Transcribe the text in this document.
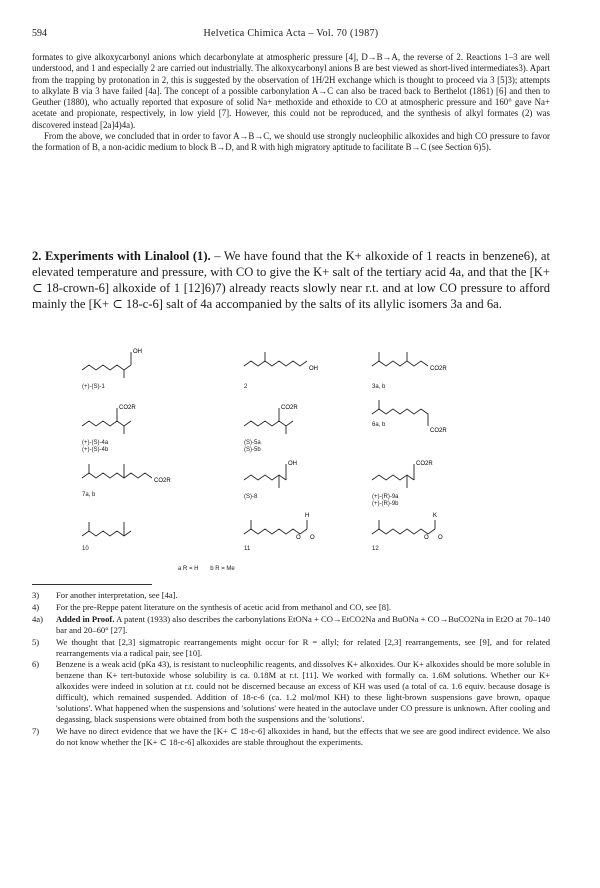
594	Helvetica Chimica Acta – Vol. 70 (1987)

formates to give alkoxycarbonyl anions which decarbonylate at atmospheric pressure [4], D→B→A, the reverse of 2. Reactions 1–3 are well understood, and 1 and especially 2 are carried out industrially. The alkoxycarbonyl anions B are best viewed as short-lived intermediates3). Apart from the trapping by protonation in 2, this is suggested by the observation of 1H/2H exchange which is thought to proceed via 3 [5]3); attempts to alkylate B via 3 have failed [4a]. The concept of a possible carbonylation A→C can also be traced back to Berthelot (1861) [6] and then to Geuther (1880), who actually reported that exposure of solid Na+ methoxide and ethoxide to CO at atmospheric pressure and 160° gave Na+ acetate and propionate, respectively, in low yield [7]. However, this could not be reproduced, and the synthesis of alkyl formates (2) was discovered instead [2a]4)4a).

From the above, we concluded that in order to favor A→B→C, we should use strongly nucleophilic alkoxides and high CO pressure to favor the formation of B, a non-acidic medium to block B→D, and R with high migratory aptitude to facilitate B→C (see Section 6)5).

2. Experiments with Linalool (1). – We have found that the K+ alkoxide of 1 reacts in benzene6), at elevated temperature and pressure, with CO to give the K+ salt of the tertiary acid 4a, and that the [K+ ⊂ 18-crown-6] alkoxide of 1 [12]6)7) already reacts slowly near r.t. and at low CO pressure to afford mainly the [K+ ⊂ 18-c-6] salt of 4a accompanied by the salts of its allylic isomers 3a and 6a.

OH
(+)-(S)-1
OH
2
CO2R
3a, b
CO2R
(+)-(S)-4a
(+)-(S)-4b
CO2R
(S)-5a
(S)-5b
CO2R
6a, b
CO2R
7a, b
OH
(S)-8
CO2R
(+)-(R)-9a
(+)-(R)-9b
10
H
O O
11
K
O O
12
a R = H b R = Me
3)	For another interpretation, see [4a].
4)	For the pre-Reppe patent literature on the synthesis of acetic acid from methanol and CO, see [8].
4a)	Added in Proof. A patent (1933) also describes the carbonylations EtONa + CO→EtCO2Na and BuONa + CO→BuCO2Na in Et2O at 70–140 bar and 20–60° [27].
5)	We thought that [2,3] sigmatropic rearrangements might occur for R = allyl; for related [2,3] rearrangements, see [9], and for related rearrangements via a radical pair, see [10].
6)	Benzene is a weak acid (pKa 43), is resistant to nucleophilic reagents, and dissolves K+ alkoxides. Our K+ alkoxides should be more soluble in benzene than K+ tert-butoxide whose solubility is ca. 0.18M at r.t. [11]. We worked with formally ca. 1.6M solutions. Whether our K+ alkoxides were indeed in solution at r.t. could not be discerned because an excess of KH was used (a total of ca. 1.6 equiv. because dosage is difficult), which remained suspended. Addition of 18-c-6 (ca. 1.2 mol/mol KH) to these light-brown suspensions gave brown, opaque 'solutions'. What happened when the suspensions and 'solutions' were heated in the autoclave under CO pressure is unknown. After cooling and degassing, black suspensions were obtained from both the suspensions and the 'solutions'.
7)	We have no direct evidence that we have the [K+ ⊂ 18-c-6] alkoxides in hand, but the effects that we see are good indirect evidence. We also do not know whether the [K+ ⊂ 18-c-6] alkoxides are stable throughout the experiments.
